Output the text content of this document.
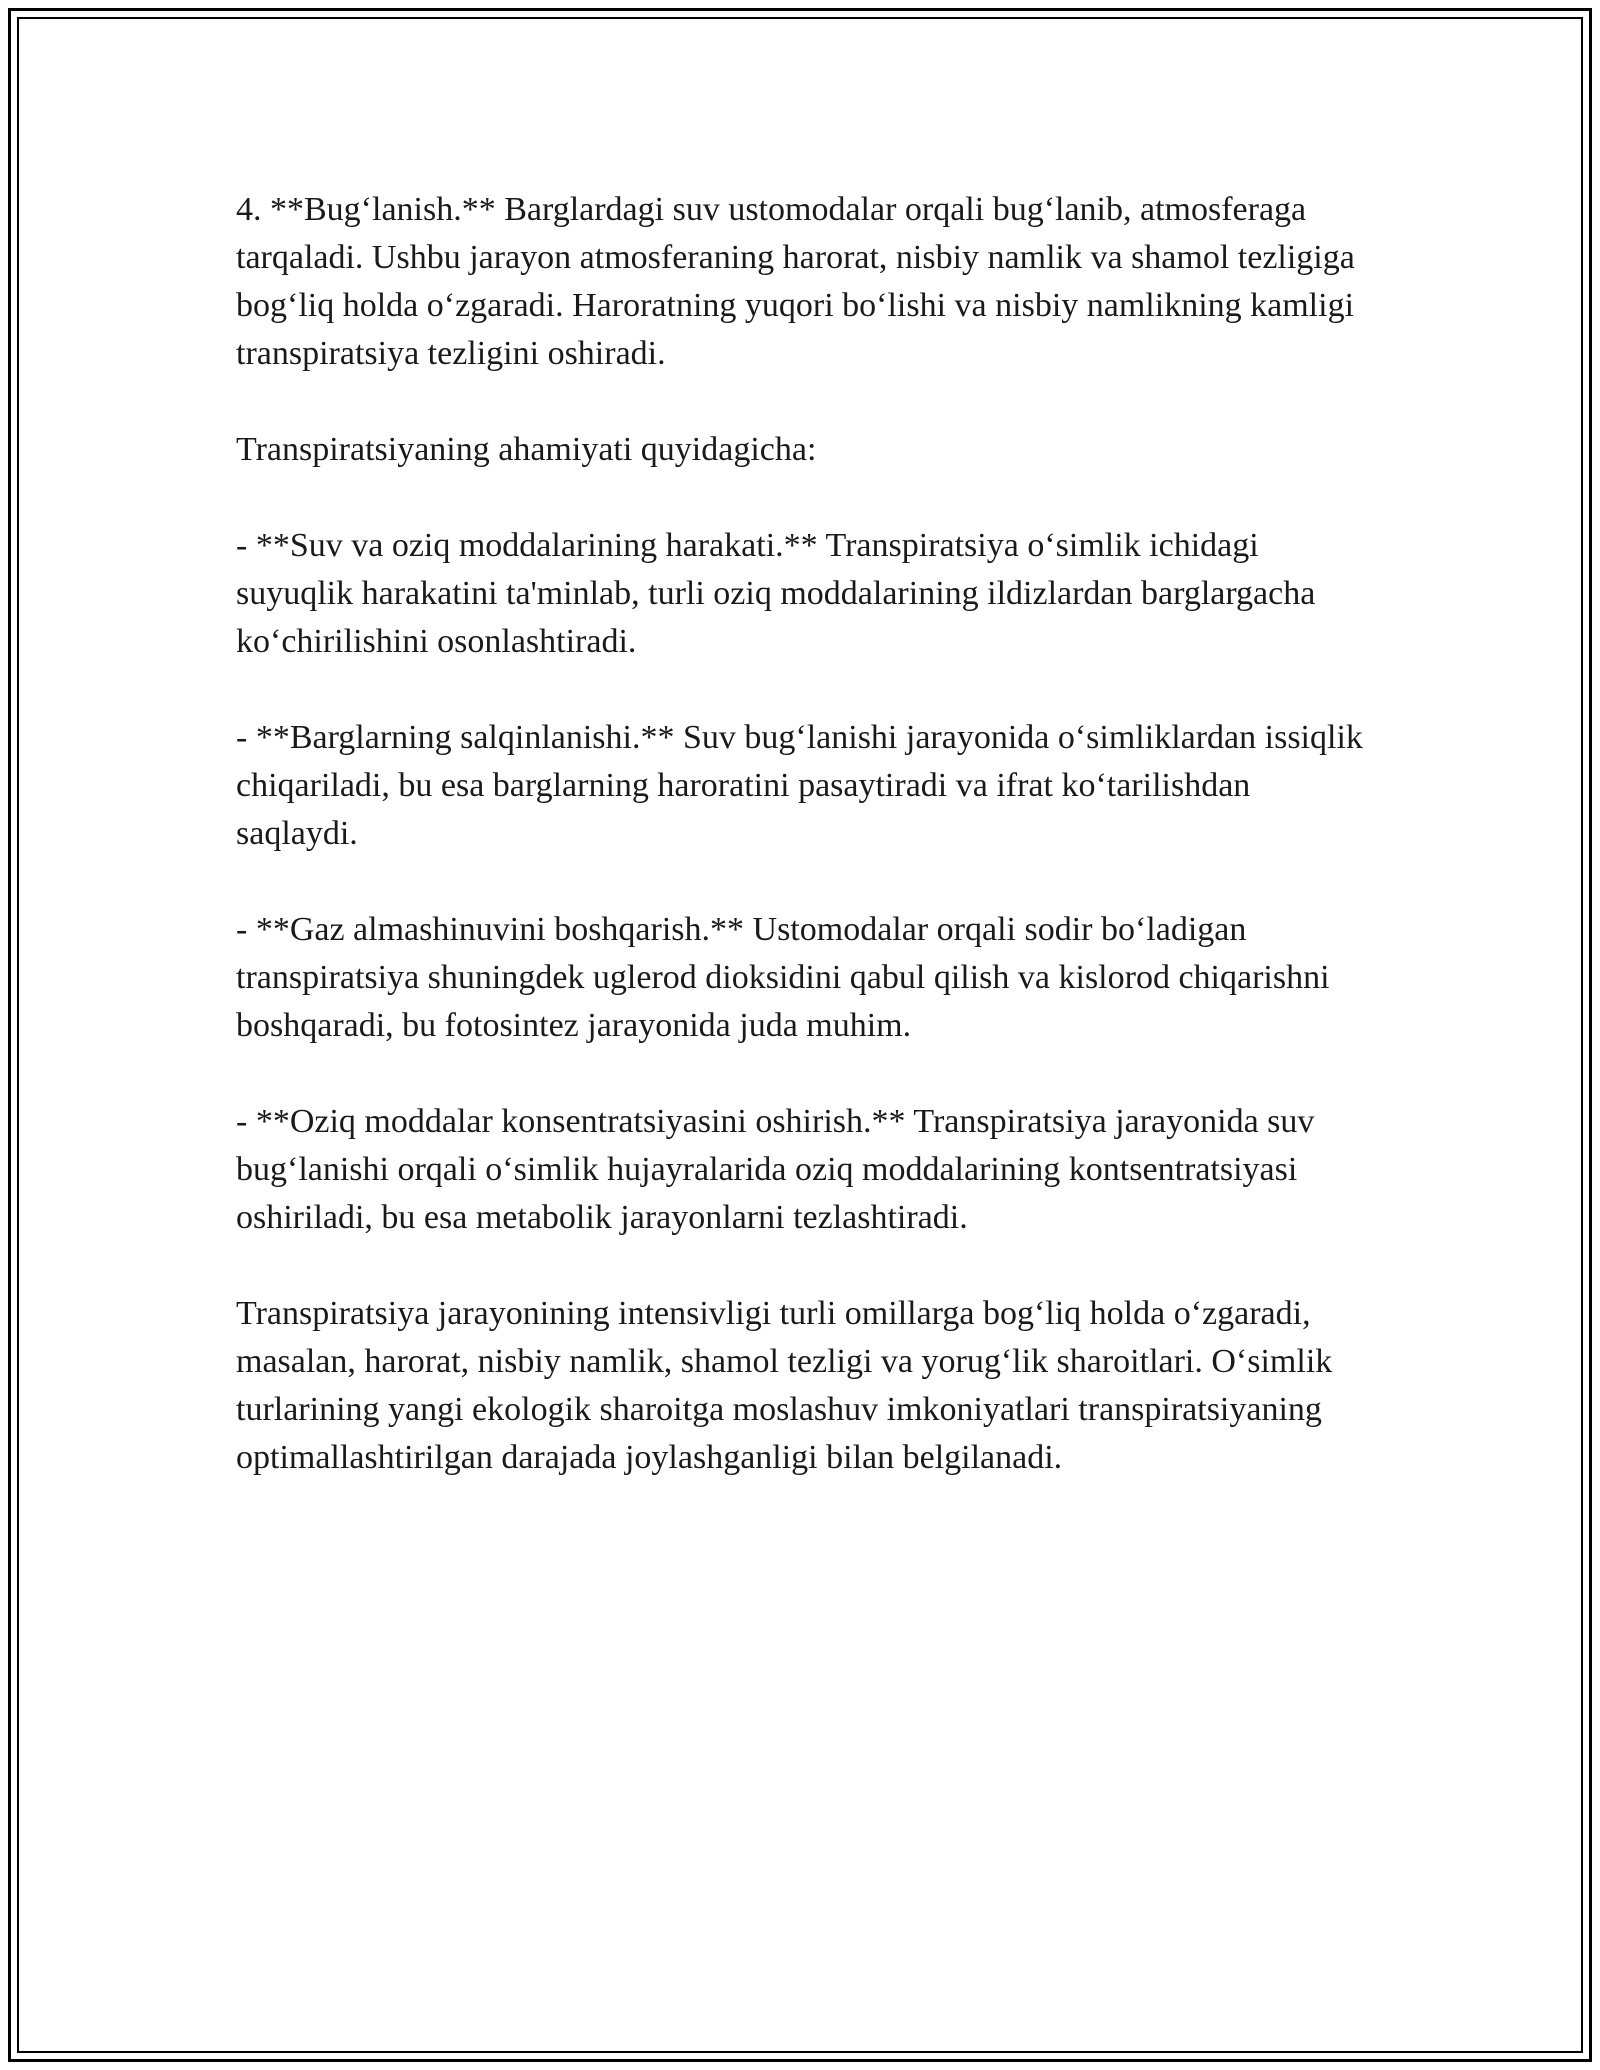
4. **Bug‘lanish.** Barglardagi suv ustomodalar orqali bug‘lanib, atmosferaga tarqaladi. Ushbu jarayon atmosferaning harorat, nisbiy namlik va shamol tezligiga bog‘liq holda o‘zgaradi. Haroratning yuqori bo‘lishi va nisbiy namlikning kamligi transpiratsiya tezligini oshiradi.

Transpiratsiyaning ahamiyati quyidagicha:

- **Suv va oziq moddalarining harakati.** Transpiratsiya o‘simlik ichidagi suyuqlik harakatini ta'minlab, turli oziq moddalarining ildizlardan barglargacha ko‘chirilishini osonlashtiradi.

- **Barglarning salqinlanishi.** Suv bug‘lanishi jarayonida o‘simliklardan issiqlik chiqariladi, bu esa barglarning haroratini pasaytiradi va ifrat ko‘tarilishdan saqlaydi.

- **Gaz almashinuvini boshqarish.** Ustomodalar orqali sodir bo‘ladigan transpiratsiya shuningdek uglerod dioksidini qabul qilish va kislorod chiqarishni boshqaradi, bu fotosintez jarayonida juda muhim.

- **Oziq moddalar konsentratsiyasini oshirish.** Transpiratsiya jarayonida suv bug‘lanishi orqali o‘simlik hujayralarida oziq moddalarining kontsentratsiyasi oshiriladi, bu esa metabolik jarayonlarni tezlashtiradi.

Transpiratsiya jarayonining intensivligi turli omillarga bog‘liq holda o‘zgaradi, masalan, harorat, nisbiy namlik, shamol tezligi va yorug‘lik sharoitlari. O‘simlik turlarining yangi ekologik sharoitga moslashuv imkoniyatlari transpiratsiyaning optimallashtirilgan darajada joylashganligi bilan belgilanadi.
